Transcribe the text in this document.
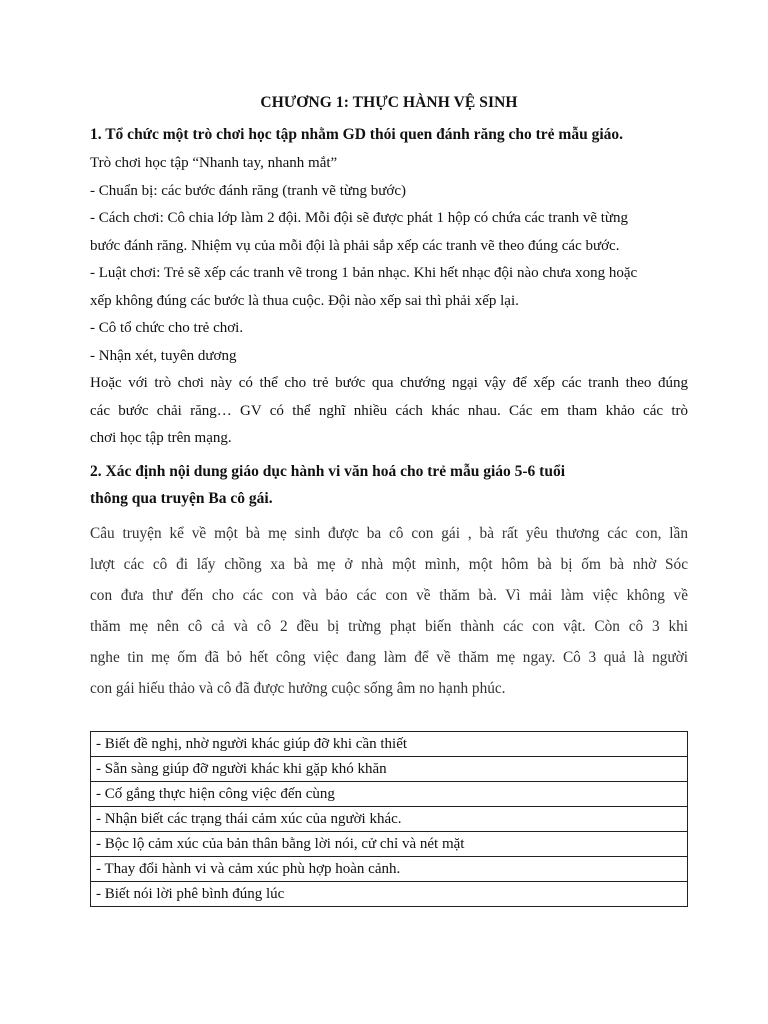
CHƯƠNG 1: THỰC HÀNH VỆ SINH
1. Tổ chức một trò chơi học tập nhằm GD thói quen đánh răng cho trẻ mẫu giáo.
Trò chơi học tập “Nhanh tay, nhanh mắt”
- Chuẩn bị: các bước đánh răng (tranh vẽ từng bước)
- Cách chơi: Cô chia lớp làm 2 đội. Mỗi đội sẽ được phát 1 hộp có chứa các tranh vẽ từng
bước đánh răng. Nhiệm vụ của mỗi đội là phải sắp xếp các tranh vẽ theo đúng các bước.
- Luật chơi: Trẻ sẽ xếp các tranh vẽ trong 1 bản nhạc. Khi hết nhạc đội nào chưa xong hoặc
xếp không đúng các bước là thua cuộc. Đội nào xếp sai thì phải xếp lại.
- Cô tổ chức cho trẻ chơi.
- Nhận xét, tuyên dương
Hoặc với trò chơi này có thể cho trẻ bước qua chướng ngại vậy để xếp các tranh theo đúng
các bước chải răng… GV có thể nghĩ nhiều cách khác nhau. Các em tham khảo các trò
chơi học tập trên mạng.
2. Xác định nội dung giáo dục hành vi văn hoá cho trẻ mẫu giáo 5-6 tuổi
thông qua truyện Ba cô gái.
Câu truyện kể về một bà mẹ sinh được ba cô con gái , bà rất yêu thương các con, lần
lượt các cô đi lấy chồng xa bà mẹ ở nhà một mình, một hôm bà bị ốm bà nhờ Sóc
con đưa thư đến cho các con và bảo các con về thăm bà. Vì mải làm việc không về
thăm mẹ nên cô cả và cô 2 đều bị trừng phạt biến thành các con vật. Còn cô 3 khi
nghe tin mẹ ốm đã bỏ hết công việc đang làm để về thăm mẹ ngay. Cô 3 quả là người
con gái hiếu thảo và cô đã được hưởng cuộc sống âm no hạnh phúc.
- Biết đề nghị, nhờ người khác giúp đỡ khi cần thiết
- Sẵn sàng giúp đỡ người khác khi gặp khó khăn
- Cố gắng thực hiện công việc đến cùng
- Nhận biết các trạng thái cảm xúc của người khác.
- Bộc lộ cảm xúc của bản thân bằng lời nói, cử chỉ và nét mặt
- Thay đổi hành vi và cảm xúc phù hợp hoàn cảnh.
- Biết nói lời phê bình đúng lúc
